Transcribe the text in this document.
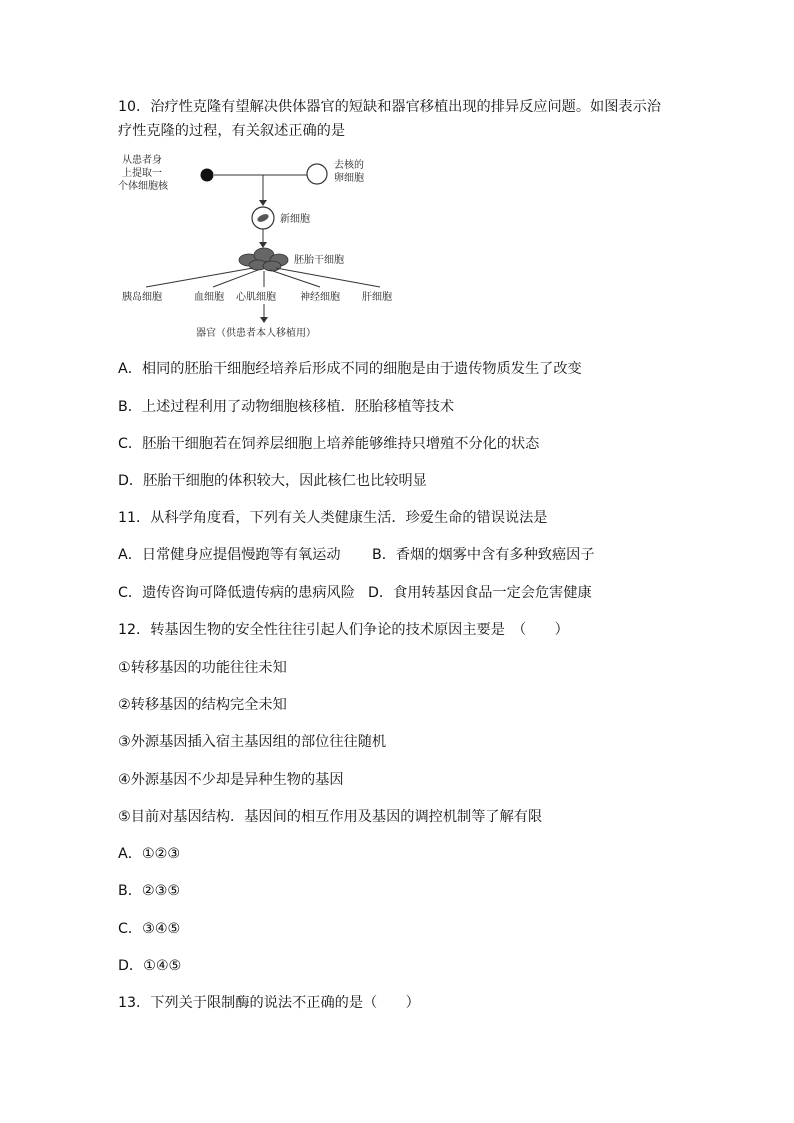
10．治疗性克隆有望解决供体器官的短缺和器官移植出现的排异反应问题。如图表示治
疗性克隆的过程，有关叙述正确的是
从患者身
上提取一
个体细胞核
去核的
卵细胞
新细胞
胚胎干细胞
胰岛细胞	血细胞 心肌细胞 神经细胞 肝细胞
器官（供患者本人移植用）
A．相同的胚胎干细胞经培养后形成不同的细胞是由于遗传物质发生了改变
B．上述过程利用了动物细胞核移植．胚胎移植等技术
C．胚胎干细胞若在饲养层细胞上培养能够维持只增殖不分化的状态
D．胚胎干细胞的体积较大，因此核仁也比较明显
11．从科学角度看，下列有关人类健康生活．珍爱生命的错误说法是
A．日常健身应提倡慢跑等有氧运动 B．香烟的烟雾中含有多种致癌因子
C．遗传咨询可降低遗传病的患病风险 D．食用转基因食品一定会危害健康
12．转基因生物的安全性往往引起人们争论的技术原因主要是　（　　）
①转移基因的功能往往未知
②转移基因的结构完全未知
③外源基因插入宿主基因组的部位往往随机
④外源基因不少却是异种生物的基因
⑤目前对基因结构．基因间的相互作用及基因的调控机制等了解有限
A．①②③
B．②③⑤
C．③④⑤
D．①④⑤
13．下列关于限制酶的说法不正确的是（　　）
